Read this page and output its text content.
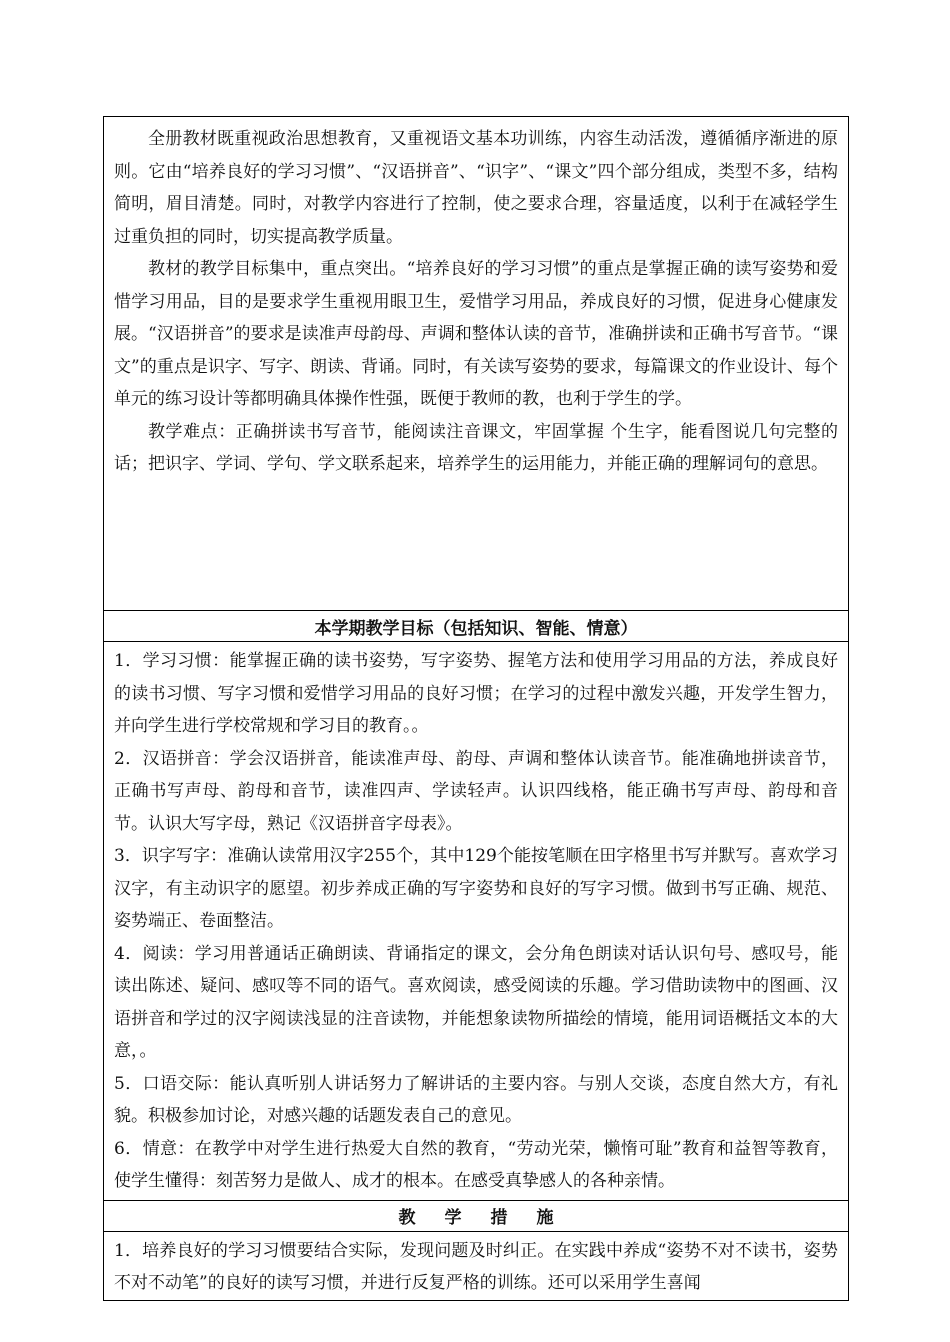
全册教材既重视政治思想教育，又重视语文基本功训练，内容生动活泼，遵循循序渐进的原则。它由“培养良好的学习习惯”、“汉语拼音”、“识字”、“课文”四个部分组成，类型不多，结构简明，眉目清楚。同时，对教学内容进行了控制，使之要求合理，容量适度，以利于在减轻学生过重负担的同时，切实提高教学质量。

教材的教学目标集中，重点突出。“培养良好的学习习惯”的重点是掌握正确的读写姿势和爱惜学习用品，目的是要求学生重视用眼卫生，爱惜学习用品，养成良好的习惯，促进身心健康发展。“汉语拼音”的要求是读准声母韵母、声调和整体认读的音节，准确拼读和正确书写音节。“课文”的重点是识字、写字、朗读、背诵。同时，有关读写姿势的要求，每篇课文的作业设计、每个单元的练习设计等都明确具体操作性强，既便于教师的教，也利于学生的学。

教学难点：正确拼读书写音节，能阅读注音课文，牢固掌握 个生字，能看图说几句完整的话；把识字、学词、学句、学文联系起来，培养学生的运用能力，并能正确的理解词句的意思。

本学期教学目标（包括知识、智能、情意）

1．学习习惯：能掌握正确的读书姿势，写字姿势、握笔方法和使用学习用品的方法，养成良好的读书习惯、写字习惯和爱惜学习用品的良好习惯；在学习的过程中激发兴趣，开发学生智力，并向学生进行学校常规和学习目的教育。。

2．汉语拼音：学会汉语拼音，能读准声母、韵母、声调和整体认读音节。能准确地拼读音节，正确书写声母、韵母和音节，读准四声、学读轻声。认识四线格，能正确书写声母、韵母和音节。认识大写字母，熟记《汉语拼音字母表》。

3．识字写字：准确认读常用汉字255个，其中129个能按笔顺在田字格里书写并默写。喜欢学习汉字，有主动识字的愿望。初步养成正确的写字姿势和良好的写字习惯。做到书写正确、规范、姿势端正、卷面整洁。

4．阅读：学习用普通话正确朗读、背诵指定的课文，会分角色朗读对话认识句号、感叹号，能读出陈述、疑问、感叹等不同的语气。喜欢阅读，感受阅读的乐趣。学习借助读物中的图画、汉语拼音和学过的汉字阅读浅显的注音读物，并能想象读物所描绘的情境，能用词语概括文本的大意，。

5．口语交际：能认真听别人讲话努力了解讲话的主要内容。与别人交谈，态度自然大方，有礼貌。积极参加讨论，对感兴趣的话题发表自己的意见。

6．情意：在教学中对学生进行热爱大自然的教育，“劳动光荣，懒惰可耻”教育和益智等教育，使学生懂得：刻苦努力是做人、成才的根本。在感受真挚感人的各种亲情。

教学措施

1．培养良好的学习习惯要结合实际，发现问题及时纠正。在实践中养成“姿势不对不读书，姿势不对不动笔”的良好的读写习惯，并进行反复严格的训练。还可以采用学生喜闻
